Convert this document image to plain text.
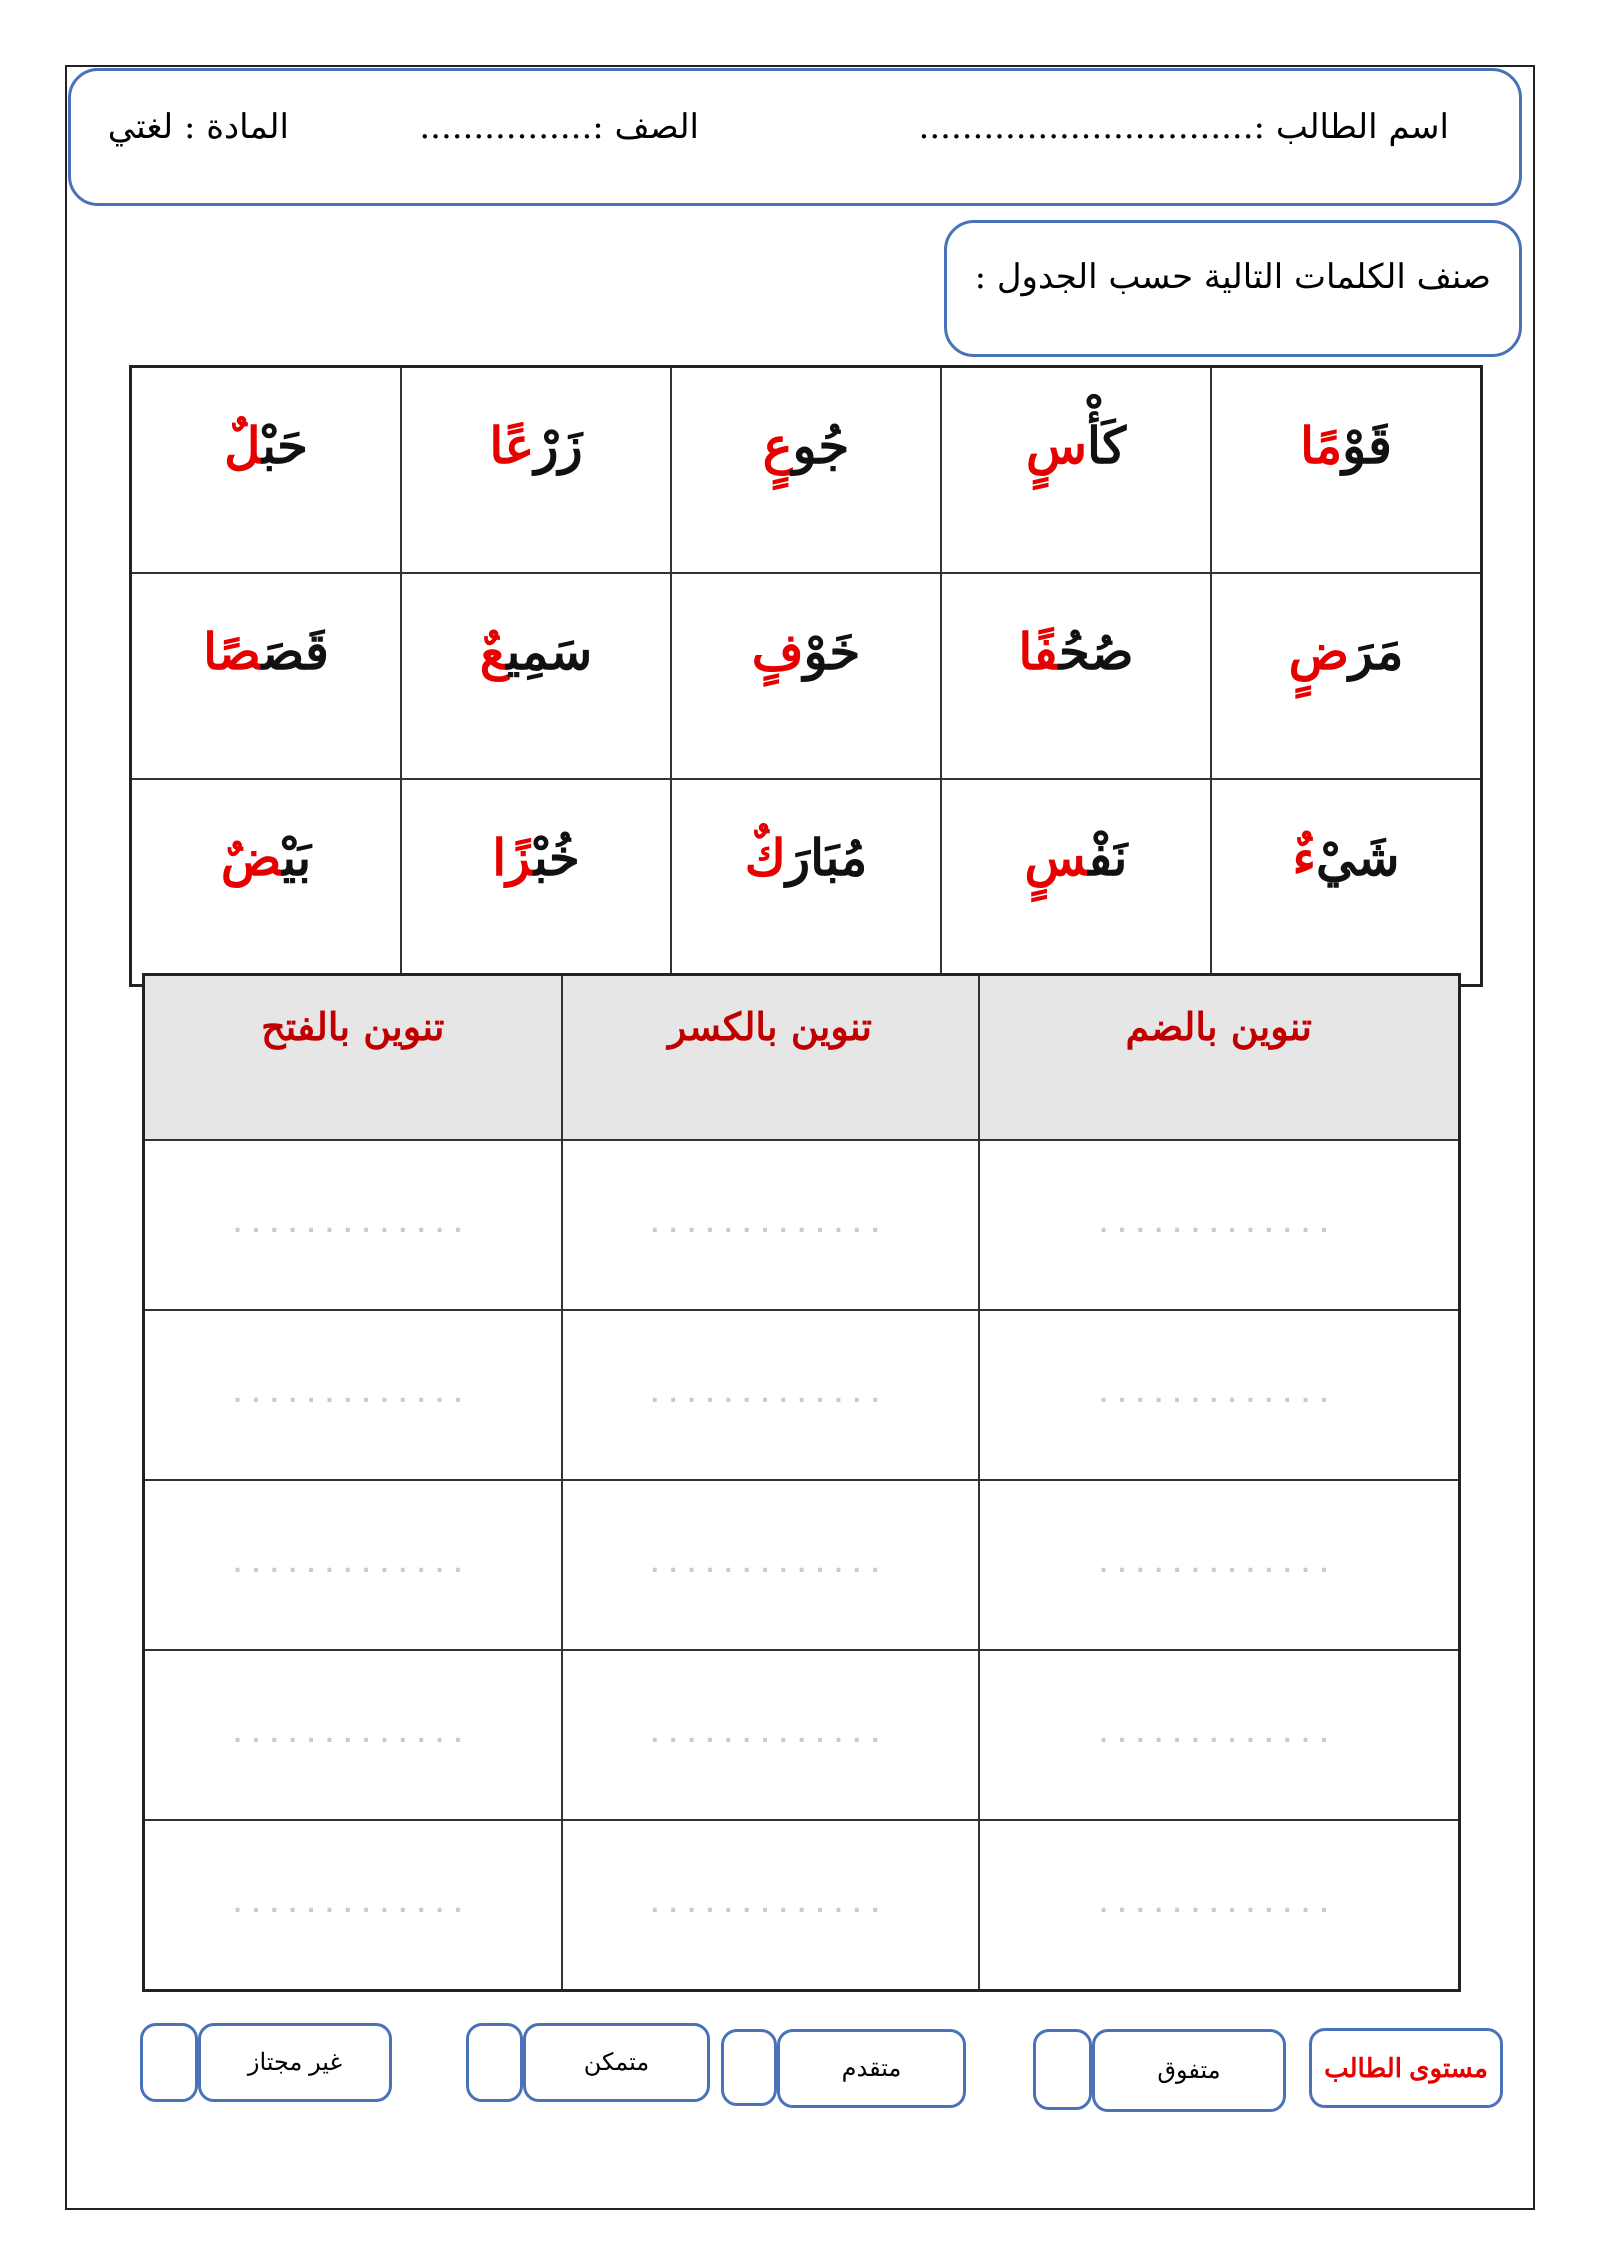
اسم الطالب :...............................
الصف :................
المادة : لغتي
صنف الكلمات التالية حسب الجدول :
قَوْمًا	كَأْسٍ	جُوعٍ	زَرْعًا	حَبْلٌ
مَرَضٍ	صُحُفًا	خَوْفٍ	سَمِيعٌ	قَصَصًا
شَيْءٌ	نَفْسٍ	مُبَارَكٌ	خُبْزًا	بَيْضٌ
تنوين بالضم	تنوين بالكسر	تنوين بالفتح
.............	.............	.............
.............	.............	.............
.............	.............	.............
.............	.............	.............
.............	.............	.............
مستوى الطالب
متفوق
متقدم
متمكن
غير مجتاز
